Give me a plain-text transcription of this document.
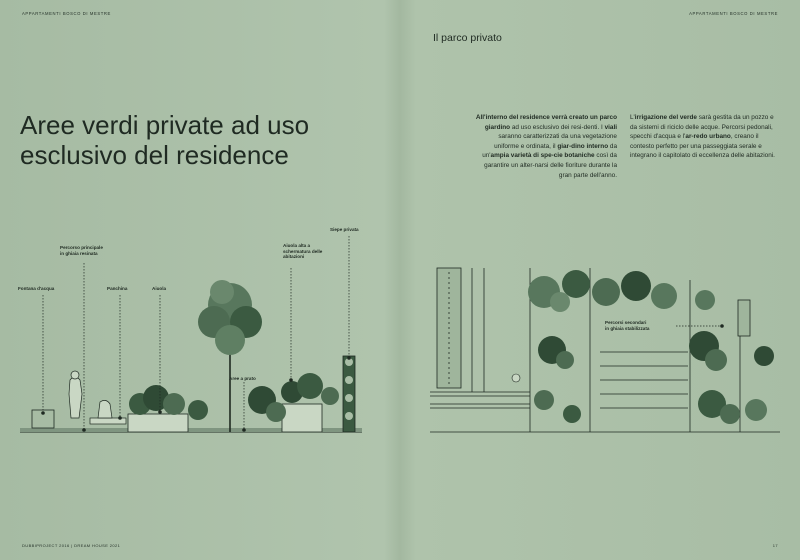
APPARTAMENTI BOSCO DI MESTRE	APPARTAMENTI BOSCO DI MESTRE
Il parco privato
Aree verdi private ad uso
esclusivo del residence
All'interno del residence verrà creato un parco giardino ad uso esclusivo dei resi-denti. I viali saranno caratterizzati da una vegetazione uniforme e ordinata, il giar-dino interno da un'ampia varietà di spe-cie botaniche così da garantire un alter-narsi delle fioriture durante la gran parte dell'anno.
L'irrigazione del verde sarà gestita da un pozzo e da sistemi di riciclo delle acque. Percorsi pedonali, specchi d'acqua e l'ar-redo urbano, creano il contesto perfetto per una passeggiata serale e integrano il capitolato di eccellenza delle abitazioni.
Fontana d'acqua
Percorso principale
in ghiaia resinata
Panchina	Aiuola
Aree a prato
Aiuola alta a
schermatura delle
abitazioni
Siepe privata
Percorsi secondari
in ghiaia stabilizzata
DUBBIPROJECT 2016 | DREAM HOUSE 2021	17
